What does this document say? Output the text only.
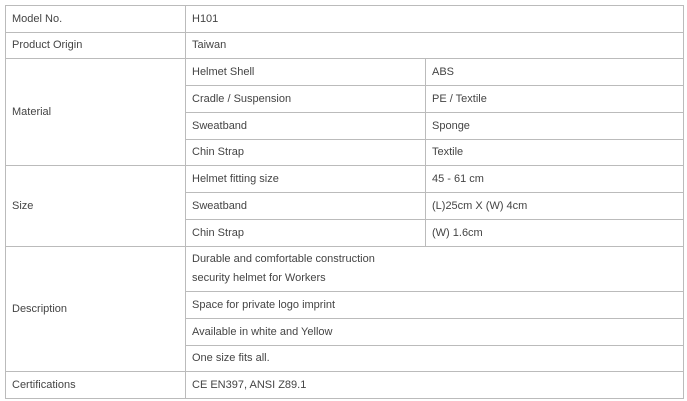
Model No.	H101	
Product Origin	Taiwan	
Material	Helmet Shell	ABS
	Cradle / Suspension	PE / Textile
	Sweatband	Sponge
	Chin Strap	Textile
Size	Helmet fitting size	45 - 61 cm
	Sweatband	(L)25cm X (W) 4cm
	Chin Strap	(W) 1.6cm
Description	Durable and comfortable construction
security helmet for Workers	

	Space for private logo imprint	
	Available in white and Yellow	
	One size fits all.	
Certifications	CE EN397, ANSI Z89.1	
